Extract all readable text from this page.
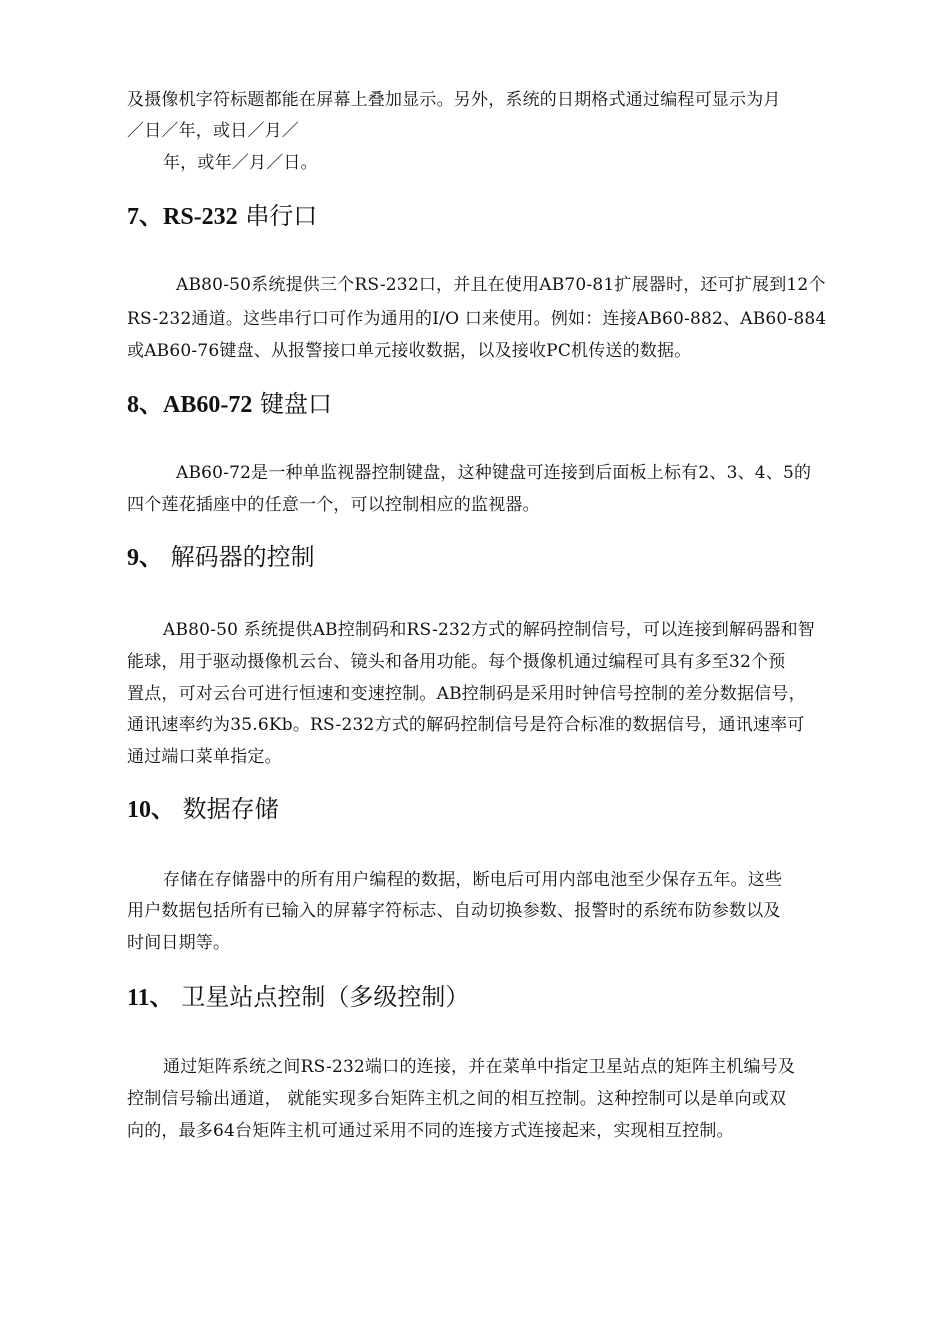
及摄像机字符标题都能在屏幕上叠加显示。另外，系统的日期格式通过编程可显示为月
／日／年，或日／月／
年，或年／月／日。
7、RS-232 串行口
AB80-50系统提供三个RS-232口，并且在使用AB70-81扩展器时，还可扩展到12个
RS-232通道。这些串行口可作为通用的I/O 口来使用。例如：连接AB60-882、AB60-884
或AB60-76键盘、从报警接口单元接收数据，以及接收PC机传送的数据。
8、AB60-72 键盘口
AB60-72是一种单监视器控制键盘，这种键盘可连接到后面板上标有2、3、4、5的
四个莲花插座中的任意一个，可以控制相应的监视器。
9、 解码器的控制
AB80-50 系统提供AB控制码和RS-232方式的解码控制信号，可以连接到解码器和智
能球，用于驱动摄像机云台、镜头和备用功能。每个摄像机通过编程可具有多至32个预
置点，可对云台可进行恒速和变速控制。AB控制码是采用时钟信号控制的差分数据信号，
通讯速率约为35.6Kb。RS-232方式的解码控制信号是符合标准的数据信号，通讯速率可
通过端口菜单指定。
10、 数据存储
存储在存储器中的所有用户编程的数据，断电后可用内部电池至少保存五年。这些
用户数据包括所有已输入的屏幕字符标志、自动切换参数、报警时的系统布防参数以及
时间日期等。
11、 卫星站点控制（多级控制）
通过矩阵系统之间RS-232端口的连接，并在菜单中指定卫星站点的矩阵主机编号及
控制信号输出通道， 就能实现多台矩阵主机之间的相互控制。这种控制可以是单向或双
向的，最多64台矩阵主机可通过采用不同的连接方式连接起来，实现相互控制。
